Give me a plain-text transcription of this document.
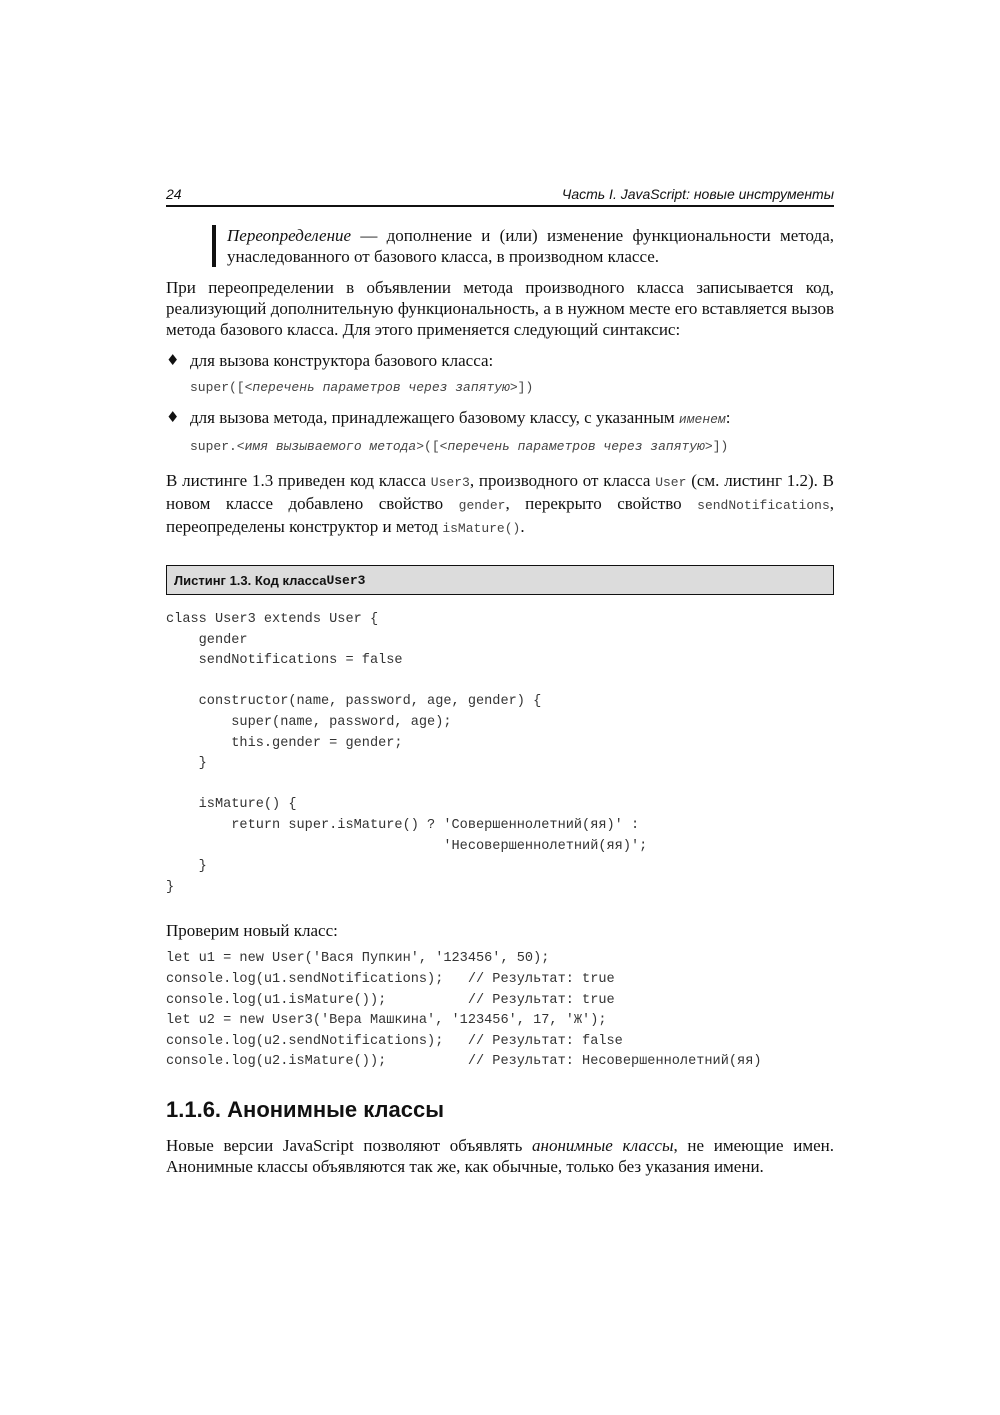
24	Часть I. JavaScript: новые инструменты
Переопределение — дополнение и (или) изменение функциональности метода, унаследованного от базового класса, в производном классе.

При переопределении в объявлении метода производного класса записывается код, реализующий дополнительную функциональность, а в нужном месте его вставляется вызов метода базового класса. Для этого применяется следующий синтаксис:

♦ для вызова конструктора базового класса:
super([<перечень параметров через запятую>])
♦ для вызова метода, принадлежащего базовому классу, с указанным именем:
super.<имя вызываемого метода>([<перечень параметров через запятую>])

В листинге 1.3 приведен код класса User3, производного от класса User (см. листинг 1.2). В новом классе добавлено свойство gender, перекрыто свойство sendNotifications, переопределены конструктор и метод isMature().

Листинг 1.3. Код класса User3
class User3 extends User {
gender
sendNotifications = false

constructor(name, password, age, gender) {
super(name, password, age);
this.gender = gender;
}

isMature() {
return super.isMature() ? 'Совершеннолетний(яя)' :
'Несовершеннолетний(яя)';
}
}

Проверим новый класс:

let u1 = new User('Вася Пупкин', '123456', 50);
console.log(u1.sendNotifications);   // Результат: true
console.log(u1.isMature());          // Результат: true
let u2 = new User3('Вера Машкина', '123456', 17, 'Ж');
console.log(u2.sendNotifications);   // Результат: false
console.log(u2.isMature());          // Результат: Несовершеннолетний(яя)
1.1.6. Анонимные классы

Новые версии JavaScript позволяют объявлять анонимные классы, не имеющие имен. Анонимные классы объявляются так же, как обычные, только без указания имени.
